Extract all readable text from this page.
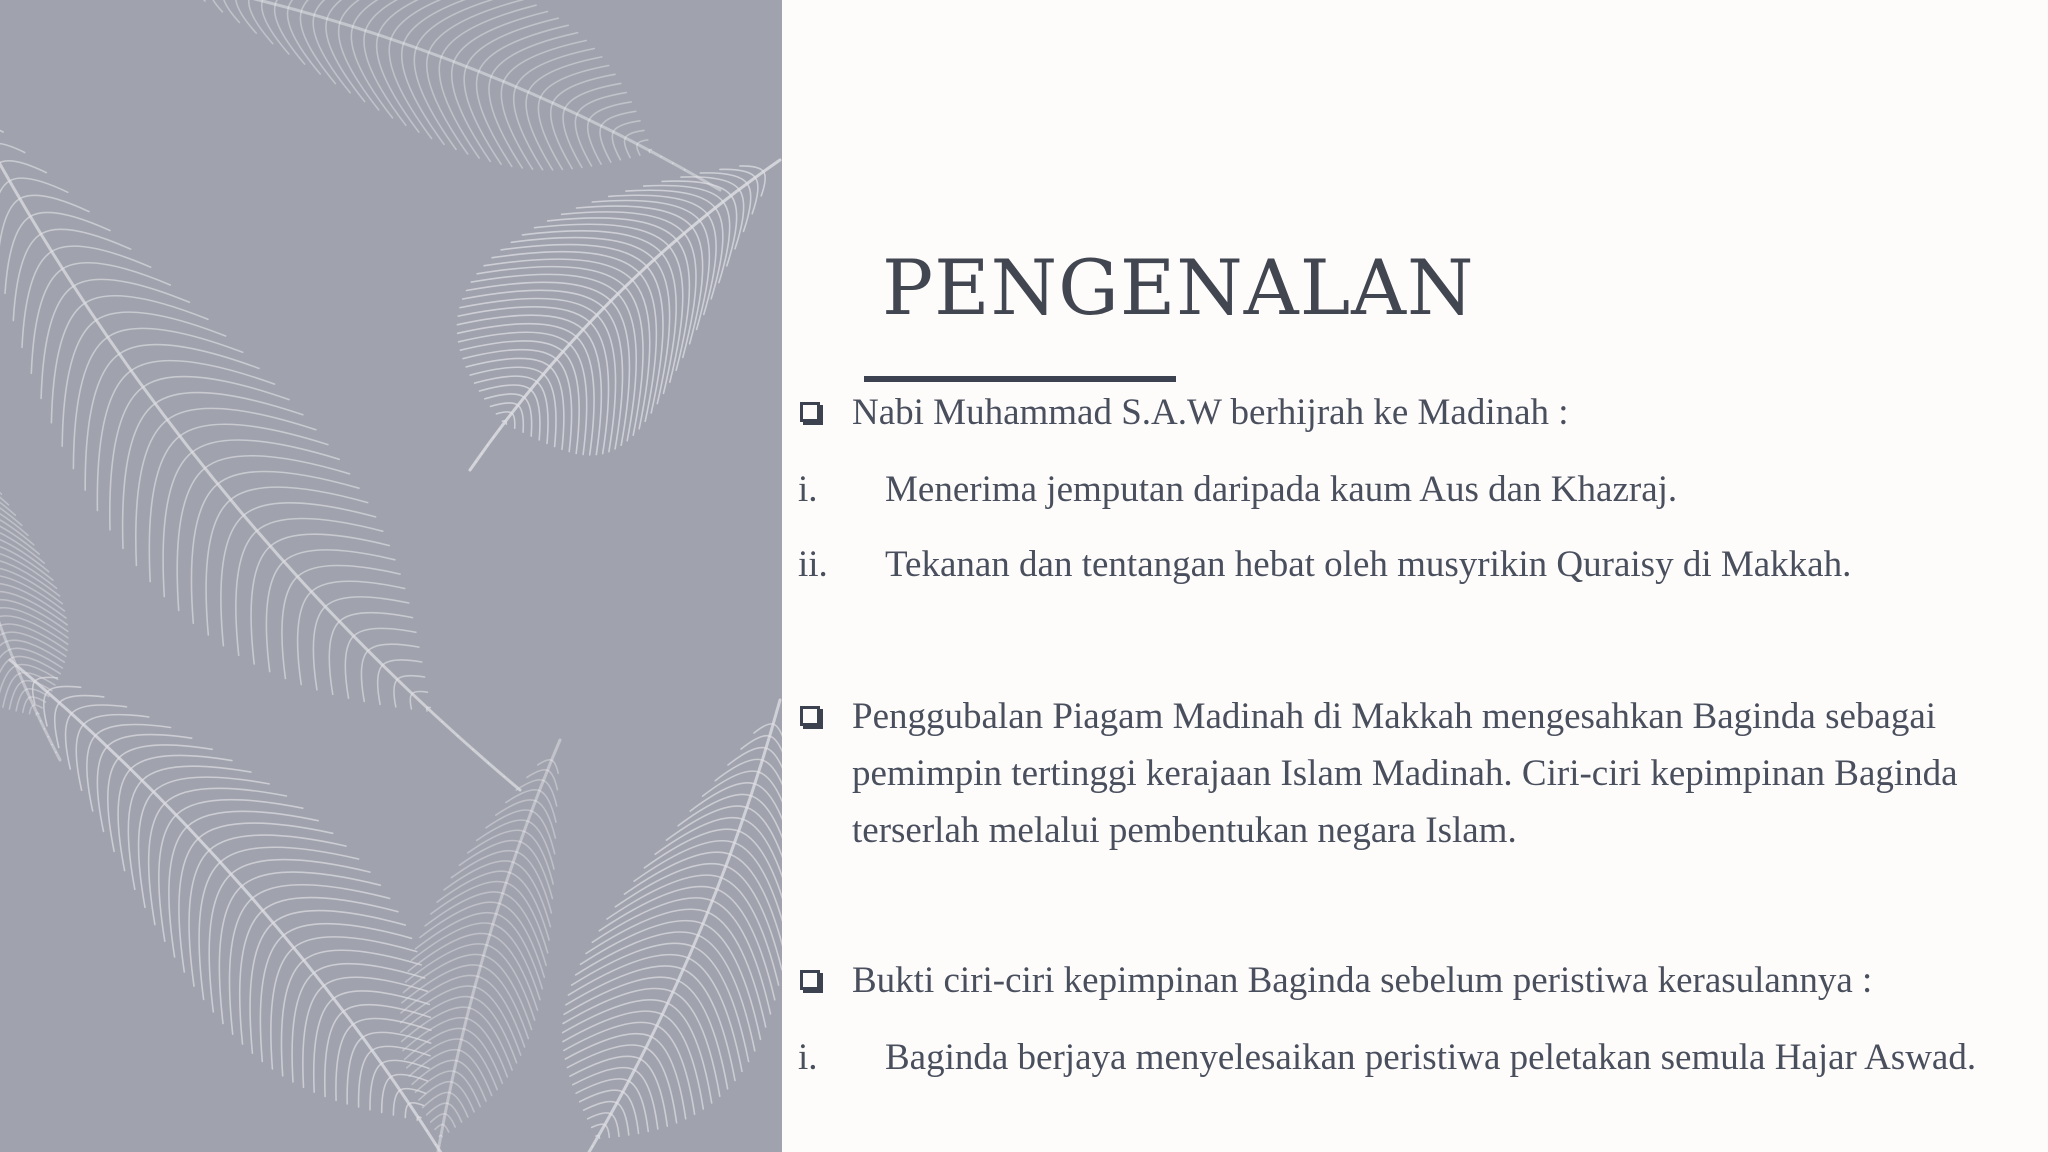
PENGENALAN
Nabi Muhammad S.A.W berhijrah ke Madinah :
i. Menerima jemputan daripada kaum Aus dan Khazraj.
ii. Tekanan dan tentangan hebat oleh musyrikin Quraisy di Makkah.
Penggubalan Piagam Madinah di Makkah mengesahkan Baginda sebagai pemimpin tertinggi kerajaan Islam Madinah. Ciri-ciri kepimpinan Baginda terserlah melalui pembentukan negara Islam.
Bukti ciri-ciri kepimpinan Baginda sebelum peristiwa kerasulannya :
i. Baginda berjaya menyelesaikan peristiwa peletakan semula Hajar Aswad.
